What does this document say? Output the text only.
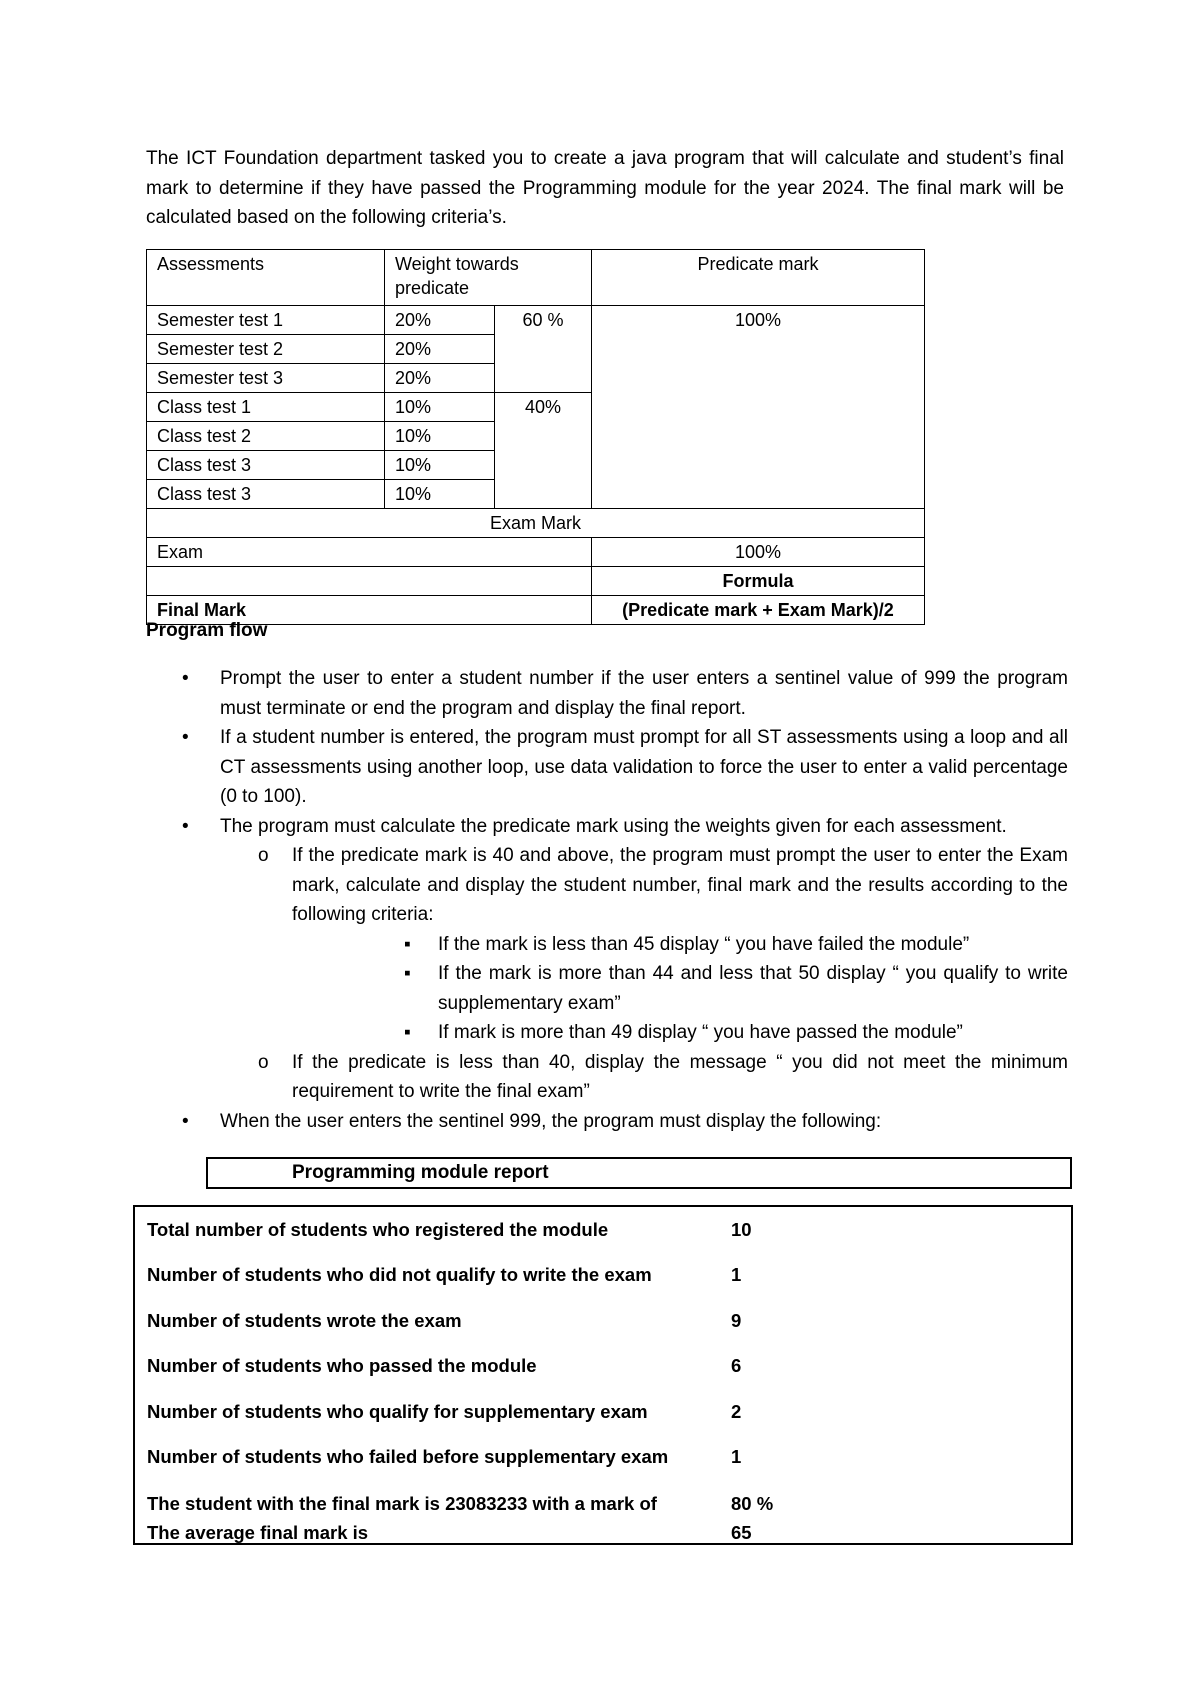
The ICT Foundation department tasked you to create a java program that will calculate and student’s final mark to determine if they have passed the Programming module for the year 2024. The final mark will be calculated based on the following criteria’s.

Assessments	Weight towards predicate		Predicate mark
Semester test 1	20%	60 %	100%
Semester test 2	20%		
Semester test 3	20%		
Class test 1	10%	40%	
Class test 2	10%		
Class test 3	10%		
Class test 3	10%		
Exam Mark			
Exam			100%
			Formula
Final Mark			(Predicate mark + Exam Mark)/2

Program flow

• Prompt the user to enter a student number if the user enters a sentinel value of 999 the program must terminate or end the program and display the final report.
• If a student number is entered, the program must prompt for all ST assessments using a loop and all CT assessments using another loop, use data validation to force the user to enter a valid percentage (0 to 100).
• The program must calculate the predicate mark using the weights given for each assessment.
o If the predicate mark is 40 and above, the program must prompt the user to enter the Exam mark, calculate and display the student number, final mark and the results according to the following criteria:
▪ If the mark is less than 45 display “ you have failed the module”
▪ If the mark is more than 44 and less that 50 display “ you qualify to write supplementary exam”
▪ If mark is more than 49 display “ you have passed the module”
o If the predicate is less than 40, display the message “ you did not meet the minimum requirement to write the final exam”
• When the user enters the sentinel 999, the program must display the following:
Programming module report
Total number of students who registered the module	10
Number of students who did not qualify to write the exam	1
Number of students wrote the exam	9
Number of students who passed the module	6
Number of students who qualify for supplementary exam	2
Number of students who failed before supplementary exam	1
The student with the final mark is 23083233 with a mark of	80 %
The average final mark is	65
